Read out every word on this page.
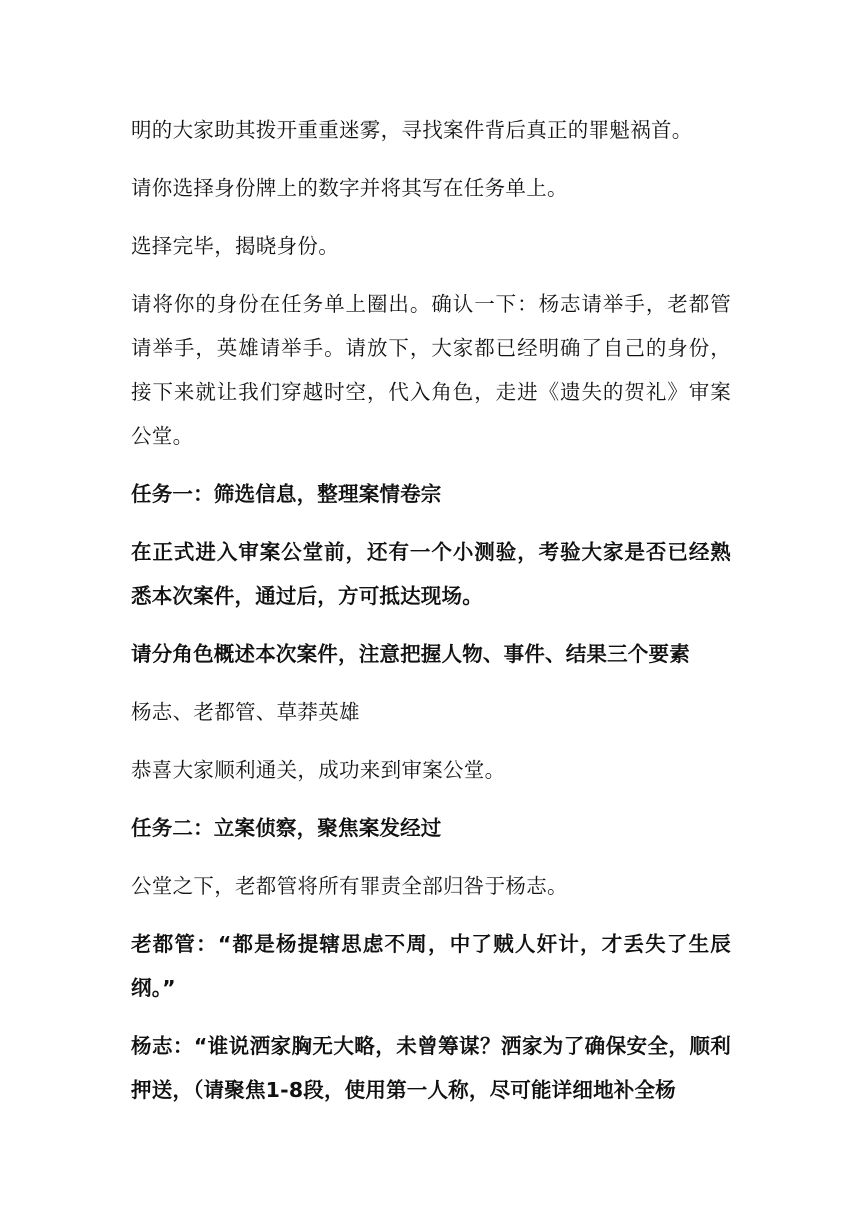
明的大家助其拨开重重迷雾，寻找案件背后真正的罪魁祸首。

请你选择身份牌上的数字并将其写在任务单上。

选择完毕，揭晓身份。

请将你的身份在任务单上圈出。确认一下：杨志请举手，老都管请举手，英雄请举手。请放下，大家都已经明确了自己的身份，接下来就让我们穿越时空，代入角色，走进《遗失的贺礼》审案公堂。

任务一：筛选信息，整理案情卷宗

在正式进入审案公堂前，还有一个小测验，考验大家是否已经熟悉本次案件，通过后，方可抵达现场。

请分角色概述本次案件，注意把握人物、事件、结果三个要素

杨志、老都管、草莽英雄

恭喜大家顺利通关，成功来到审案公堂。

任务二：立案侦察，聚焦案发经过

公堂之下，老都管将所有罪责全部归咎于杨志。

老都管：“都是杨提辖思虑不周，中了贼人奸计，才丢失了生辰纲。”

杨志：“谁说洒家胸无大略，未曾筹谋？洒家为了确保安全，顺利押送，（请聚焦1-8段，使用第一人称，尽可能详细地补全杨
